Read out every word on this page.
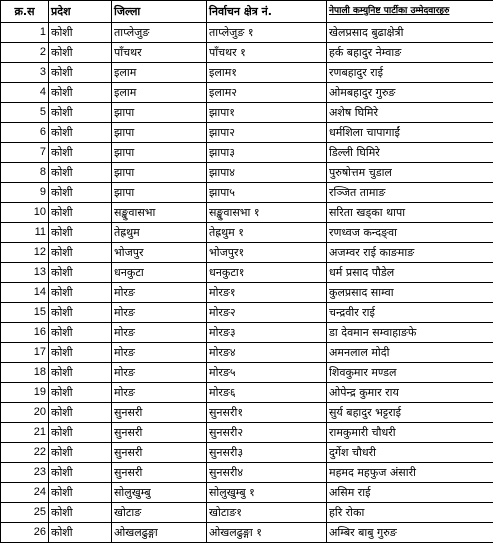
क्र.स	प्रदेश	जिल्ला	निर्वाचन क्षेत्र नं.	नेपाली कम्युनिष्ट पार्टीका उम्मेदवारहरु
1	कोशी	ताप्लेजुङ	ताप्लेजुङ १	खेलप्रसाद बुढाक्षेत्री
2	कोशी	पाँचथर	पाँचथर १	हर्क बहादुर नेम्वाङ
3	कोशी	इलाम	इलाम१	रणबहादुर राई
4	कोशी	इलाम	इलाम२	ओमबहादुर गुरुङ
5	कोशी	झापा	झापा१	अशेष घिमिरे
6	कोशी	झापा	झापा२	धर्मशिला चापागाईं
7	कोशी	झापा	झापा३	डिल्ली घिमिरे
8	कोशी	झापा	झापा४	पुरुषोत्तम चुडाल
9	कोशी	झापा	झापा५	रञ्जित तामाङ
10	कोशी	सङ्खुवासभा	सङ्खुवासभा १	सरिता खड्का थापा
11	कोशी	तेह्रथुम	तेह्रथुम १	रणध्वज कन्दङ्वा
12	कोशी	भोजपुर	भोजपुर१	अजम्वर राई काङमाङ
13	कोशी	धनकुटा	धनकुटा१	धर्म प्रसाद पौडेल
14	कोशी	मोरङ	मोरङ१	कुलप्रसाद साम्वा
15	कोशी	मोरङ	मोरङ२	चन्द्रवीर राई
16	कोशी	मोरङ	मोरङ३	डा देवमान सम्वाहाङफे
17	कोशी	मोरङ	मोरङ४	अमनलाल मोदी
18	कोशी	मोरङ	मोरङ५	शिवकुमार मण्डल
19	कोशी	मोरङ	मोरङ६	ओपेन्द्र कुमार राय
20	कोशी	सुनसरी	सुनसरी१	सुर्य बहादुर भट्टराई
21	कोशी	सुनसरी	सुनसरी२	रामकुमारी चौधरी
22	कोशी	सुनसरी	सुनसरी३	दुर्गेश चौधरी
23	कोशी	सुनसरी	सुनसरी४	महमद महफुज अंसारी
24	कोशी	सोलुखुम्बु	सोलुखुम्बु १	असिम राई
25	कोशी	खोटाङ	खोटाङ१	हरि रोका
26	कोशी	ओखलढुङ्गा	ओखलढुङ्गा १	अम्बिर बाबु गुरुङ
